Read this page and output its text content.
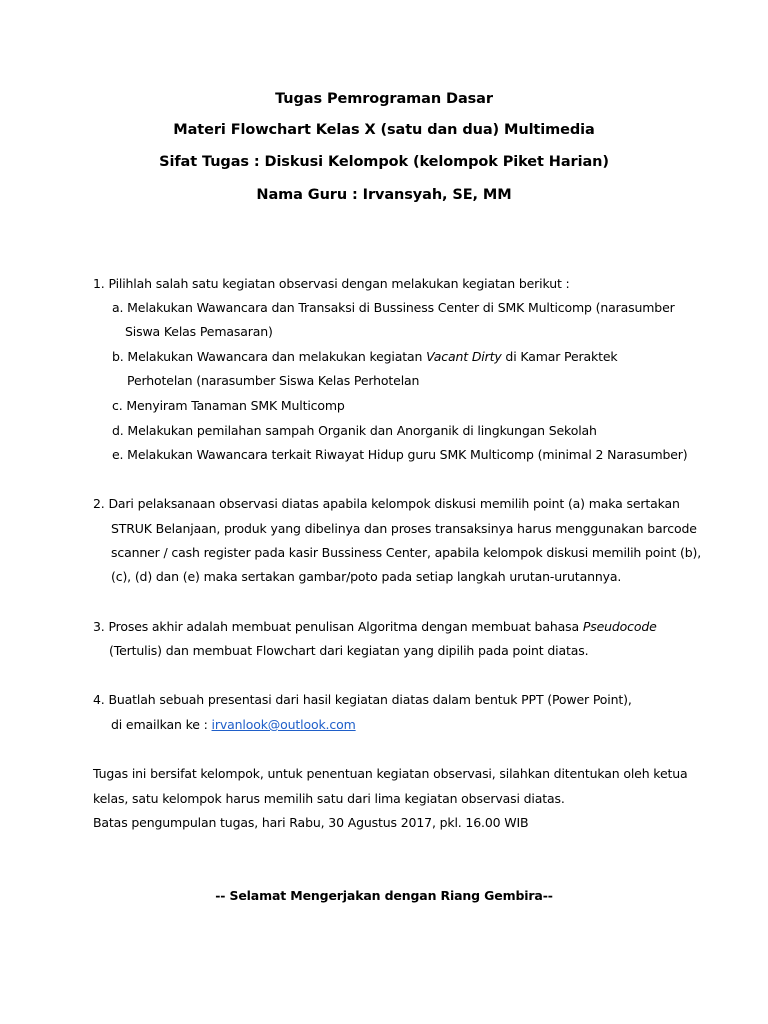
Tugas Pemrograman Dasar
Materi Flowchart Kelas X (satu dan dua) Multimedia
Sifat Tugas : Diskusi Kelompok (kelompok Piket Harian)
Nama Guru : Irvansyah, SE, MM
1. Pilihlah salah satu kegiatan observasi dengan melakukan kegiatan berikut :
a. Melakukan Wawancara dan Transaksi di Bussiness Center di SMK Multicomp (narasumber
Siswa Kelas Pemasaran)
b. Melakukan Wawancara dan melakukan kegiatan Vacant Dirty di Kamar Peraktek
Perhotelan (narasumber Siswa Kelas Perhotelan
c. Menyiram Tanaman SMK Multicomp
d. Melakukan pemilahan sampah Organik dan Anorganik di lingkungan Sekolah
e. Melakukan Wawancara terkait Riwayat Hidup guru SMK Multicomp (minimal 2 Narasumber)
2. Dari pelaksanaan observasi diatas apabila kelompok diskusi memilih point (a) maka sertakan
STRUK Belanjaan, produk yang dibelinya dan proses transaksinya harus menggunakan barcode
scanner / cash register pada kasir Bussiness Center, apabila kelompok diskusi memilih point (b),
(c), (d) dan (e) maka sertakan gambar/poto pada setiap langkah urutan-urutannya.
3. Proses akhir adalah membuat penulisan Algoritma dengan membuat bahasa Pseudocode
(Tertulis) dan membuat Flowchart dari kegiatan yang dipilih pada point diatas.
4. Buatlah sebuah presentasi dari hasil kegiatan diatas dalam bentuk PPT (Power Point),
di emailkan ke : irvanlook@outlook.com
Tugas ini bersifat kelompok, untuk penentuan kegiatan observasi, silahkan ditentukan oleh ketua
kelas, satu kelompok harus memilih satu dari lima kegiatan observasi diatas.
Batas pengumpulan tugas, hari Rabu, 30 Agustus 2017, pkl. 16.00 WIB
-- Selamat Mengerjakan dengan Riang Gembira--
